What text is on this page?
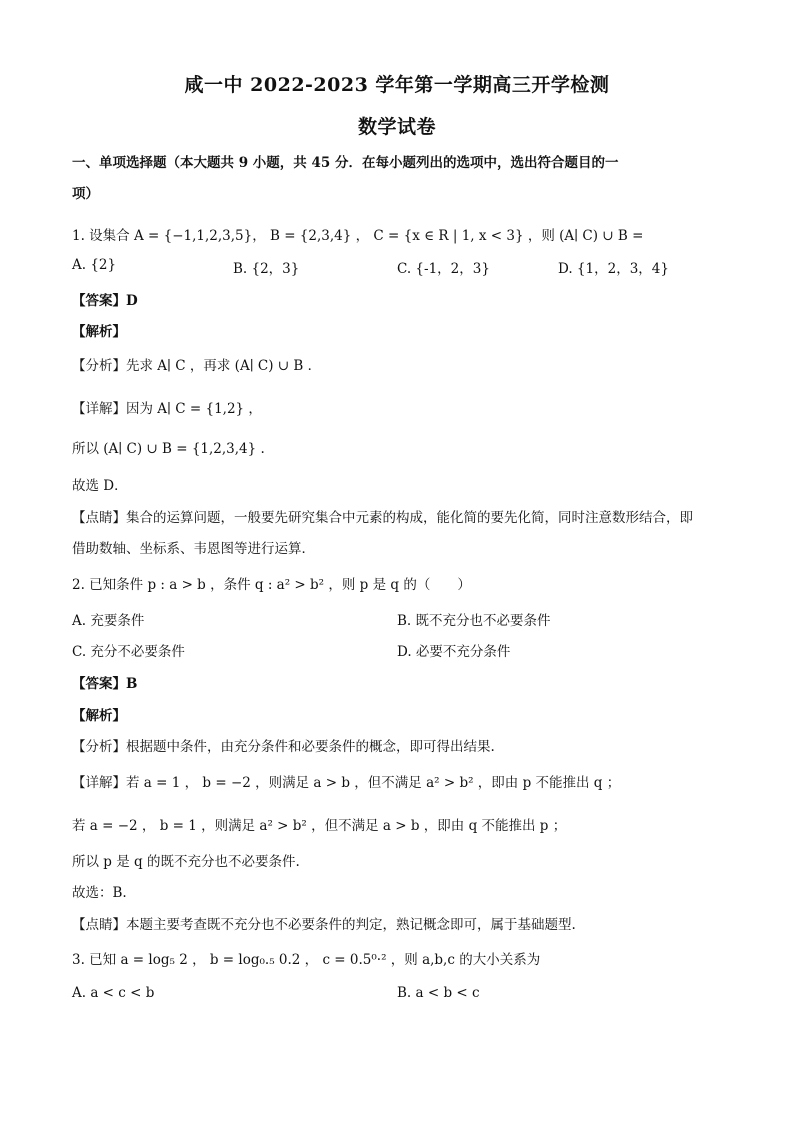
咸一中 2022-2023 学年第一学期高三开学检测
数学试卷
一、单项选择题（本大题共 9 小题，共 45 分．在每小题列出的选项中，选出符合题目的一
项）
1. 设集合 A = {−1,1,2,3,5}， B = {2,3,4} ， C = {x ∈ R | 1, x < 3} ，则 (A∣ C) ∪ B =
A. {2}	B. {2，3}	C. {-1，2，3}	D. {1，2，3，4}
【答案】D
【解析】
【分析】先求 A∣ C ，再求 (A∣ C) ∪ B ．
【详解】因为 A∣ C = {1,2} ，
所以 (A∣ C) ∪ B = {1,2,3,4} .
故选 D．
【点睛】集合的运算问题，一般要先研究集合中元素的构成，能化简的要先化简，同时注意数形结合，即
借助数轴、坐标系、韦恩图等进行运算．
2. 已知条件 p : a > b ，条件 q : a² > b² ，则 p 是 q 的（　　）
A. 充要条件	B. 既不充分也不必要条件
C. 充分不必要条件	D. 必要不充分条件
【答案】B
【解析】
【分析】根据题中条件，由充分条件和必要条件的概念，即可得出结果.
【详解】若 a = 1 ， b = −2 ，则满足 a > b ，但不满足 a² > b² ，即由 p 不能推出 q ；
若 a = −2 ， b = 1 ，则满足 a² > b² ，但不满足 a > b ，即由 q 不能推出 p ；
所以 p 是 q 的既不充分也不必要条件.
故选：B.
【点睛】本题主要考查既不充分也不必要条件的判定，熟记概念即可，属于基础题型.
3. 已知 a = log₅ 2 ， b = log₀.₅ 0.2 ， c = 0.5⁰·² ，则 a,b,c 的大小关系为
A. a < c < b	B. a < b < c
